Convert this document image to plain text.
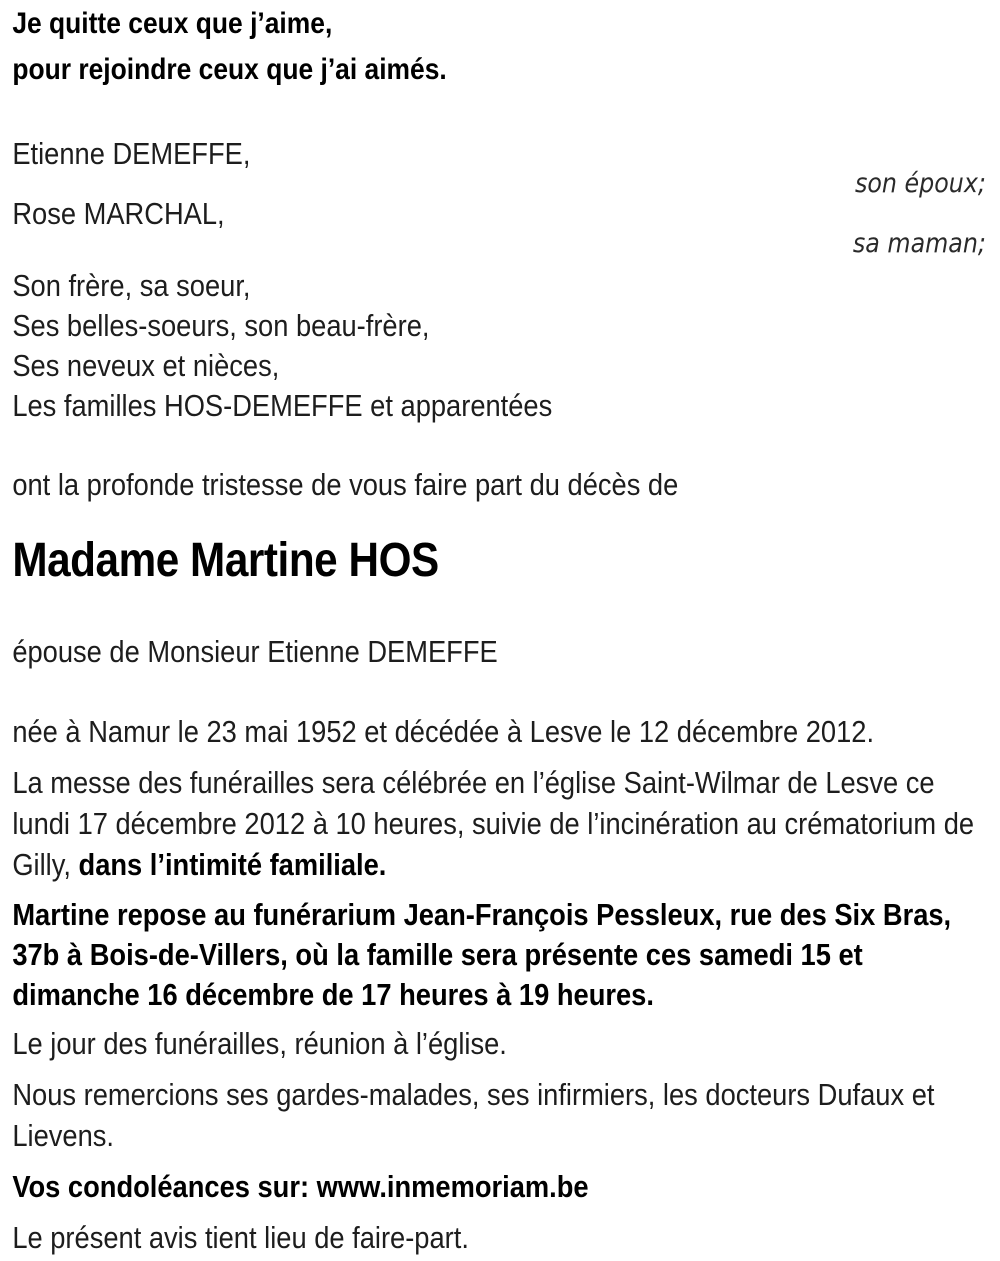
Je quitte ceux que j’aime,

pour rejoindre ceux que j’ai aimés.

Etienne DEMEFFE,

son époux;

Rose MARCHAL,

sa maman;

Son frère, sa soeur,

Ses belles-soeurs, son beau-frère,

Ses neveux et nièces,

Les familles HOS-DEMEFFE et apparentées

ont la profonde tristesse de vous faire part du décès de

Madame Martine HOS

épouse de Monsieur Etienne DEMEFFE

née à Namur le 23 mai 1952 et décédée à Lesve le 12 décembre 2012.

La messe des funérailles sera célébrée en l’église Saint-Wilmar de Lesve ce lundi 17 décembre 2012 à 10 heures, suivie de l’incinération au crématorium de Gilly, dans l’intimité familiale.

Martine repose au funérarium Jean-François Pessleux, rue des Six Bras, 37b à Bois-de-Villers, où la famille sera présente ces samedi 15 et dimanche 16 décembre de 17 heures à 19 heures.

Le jour des funérailles, réunion à l’église.

Nous remercions ses gardes-malades, ses infirmiers, les docteurs Dufaux et Lievens.

Vos condoléances sur: www.inmemoriam.be

Le présent avis tient lieu de faire-part.
